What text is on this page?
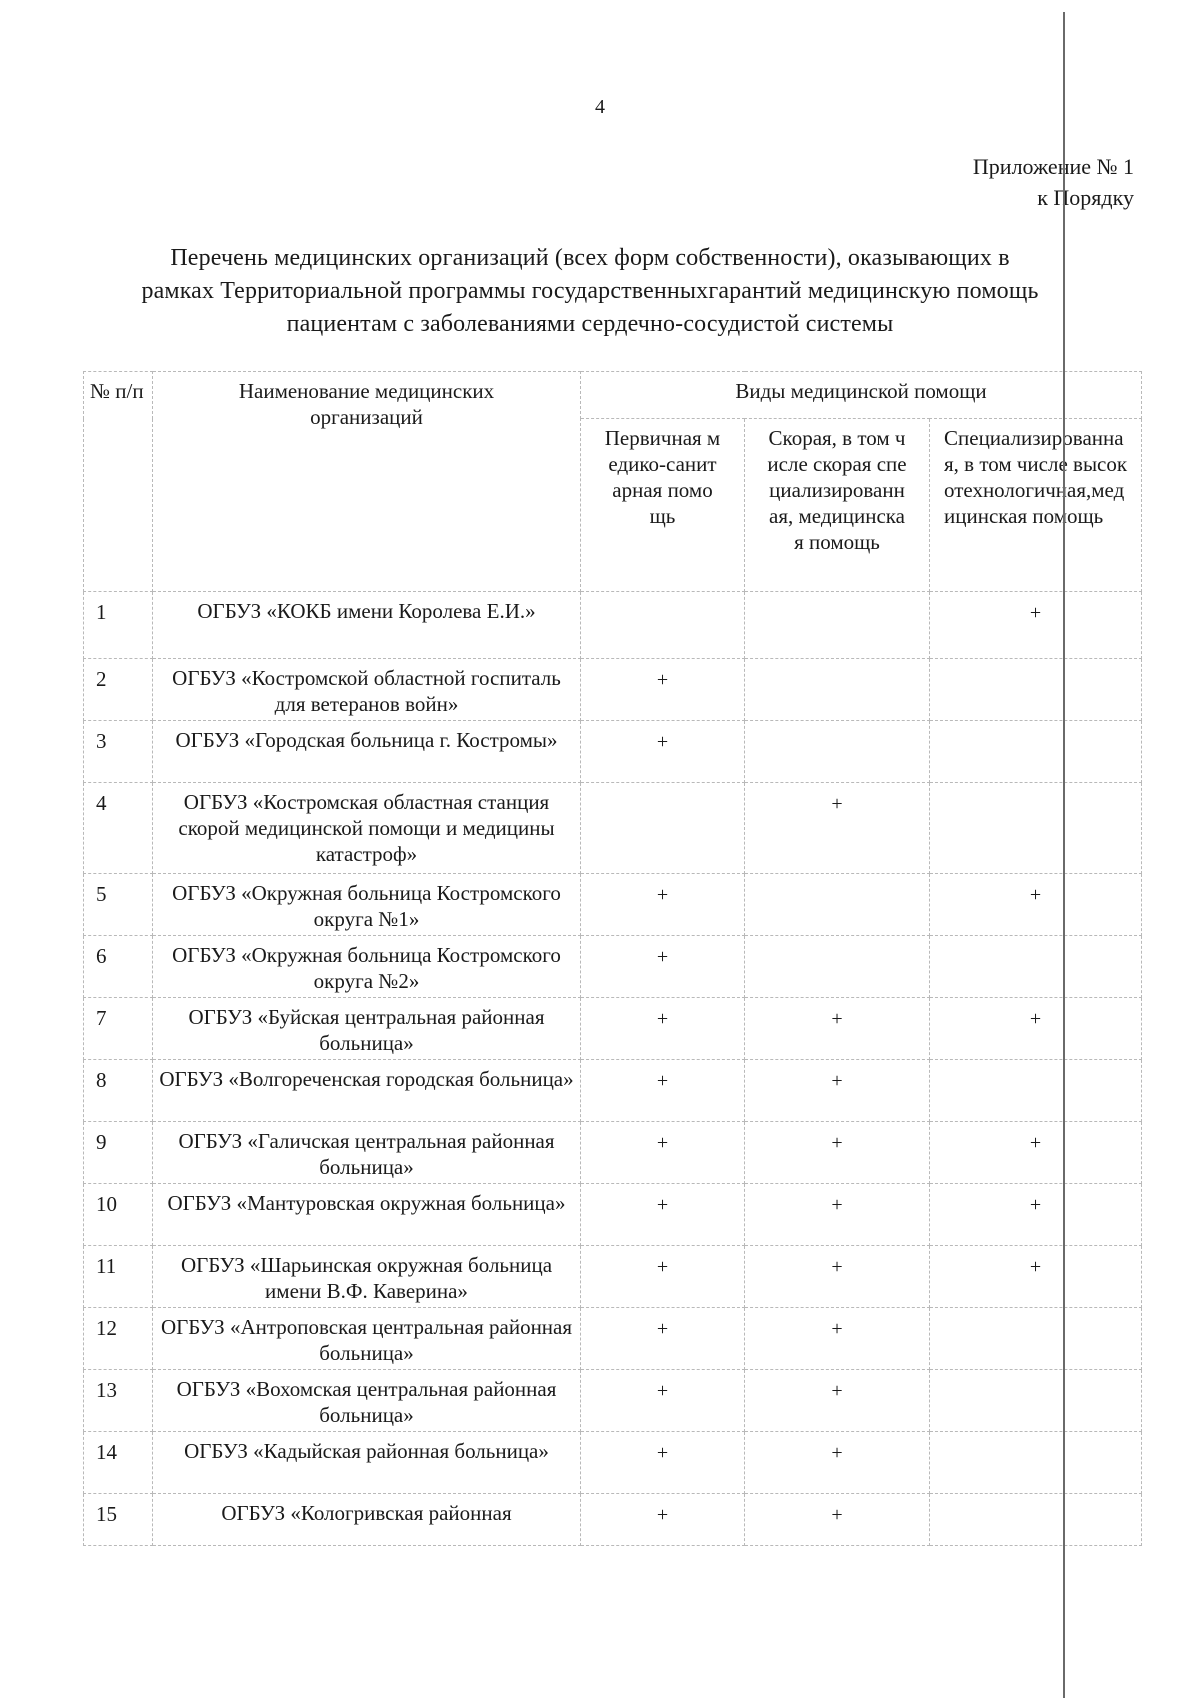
4
Приложение № 1
к Порядку
Перечень медицинских организаций (всех форм собственности), оказывающих в
рамках Территориальной программы государственныхгарантий медицинскую помощь
пациентам с заболеваниями сердечно-сосудистой системы
№ п/п	Наименование медицинских организаций	Виды медицинской помощи		

		Первичная медико-санитарная помощь	Скорая, в том числе скорая специализированная, медицинская помощь	Специализированная, в том числе высокотехнологичная,медицинская помощь

1	ОГБУЗ «КОКБ имени Королева Е.И.»			+
2	ОГБУЗ «Костромской областной госпиталь для ветеранов войн»	+		
3	ОГБУЗ «Городская больница г. Костромы»	+		
4	ОГБУЗ «Костромская областная станция скорой медицинской помощи и медицины катастроф»		+	
5	ОГБУЗ «Окружная больница Костромского округа №1»	+		+
6	ОГБУЗ «Окружная больница Костромского округа №2»	+		
7	ОГБУЗ «Буйская центральная районная больница»	+	+	+
8	ОГБУЗ «Волгореченская городская больница»	+	+	
9	ОГБУЗ «Галичская центральная районная больница»	+	+	+
10	ОГБУЗ «Мантуровская окружная больница»	+	+	+
11	ОГБУЗ «Шарьинская окружная больница имени В.Ф. Каверина»	+	+	+
12	ОГБУЗ «Антроповская центральная районная больница»	+	+	
13	ОГБУЗ «Вохомская центральная районная больница»	+	+	
14	ОГБУЗ «Кадыйская районная больница»	+	+	
15	ОГБУЗ «Кологривская районная	+	+	
